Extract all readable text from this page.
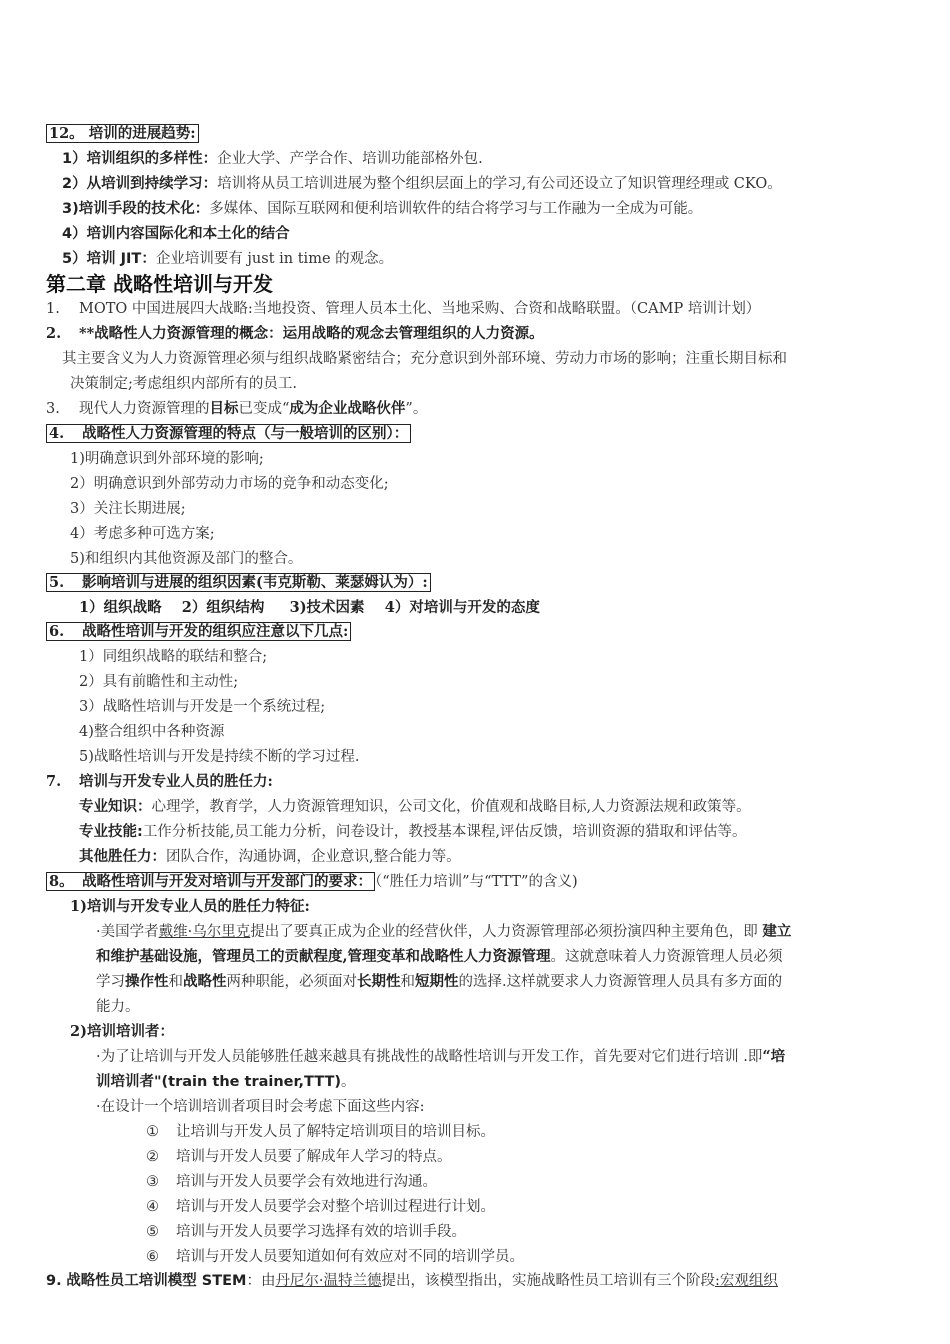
12。 培训的进展趋势:
1）培训组织的多样性：企业大学、产学合作、培训功能部格外包.
2）从培训到持续学习：培训将从员工培训进展为整个组织层面上的学习,有公司还设立了知识管理经理或 CKO。
3)培训手段的技术化：多媒体、国际互联网和便利培训软件的结合将学习与工作融为一全成为可能。
4）培训内容国际化和本土化的结合
5）培训 JIT：企业培训要有 just in time 的观念。
第二章 战略性培训与开发
1. MOTO 中国进展四大战略:当地投资、管理人员本土化、当地采购、合资和战略联盟。（CAMP 培训计划）
2. **战略性人力资源管理的概念：运用战略的观念去管理组织的人力资源。
其主要含义为人力资源管理必须与组织战略紧密结合；充分意识到外部环境、劳动力市场的影响；注重长期目标和
决策制定;考虑组织内部所有的员工.
3. 现代人力资源管理的目标已变成“成为企业战略伙伴”。
4. 战略性人力资源管理的特点（与一般培训的区别）：
1)明确意识到外部环境的影响;
2）明确意识到外部劳动力市场的竞争和动态变化;
3）关注长期进展;
4）考虑多种可选方案;
5)和组织内其他资源及部门的整合。
5. 影响培训与进展的组织因素(韦克斯勒、莱瑟姆认为）:
1）组织战略    2）组织结构     3)技术因素    4）对培训与开发的态度
6. 战略性培训与开发的组织应注意以下几点:
1）同组织战略的联结和整合;
2）具有前瞻性和主动性;
3）战略性培训与开发是一个系统过程;
4)整合组织中各种资源
5)战略性培训与开发是持续不断的学习过程.
7. 培训与开发专业人员的胜任力:
专业知识：心理学，教育学，人力资源管理知识，公司文化，价值观和战略目标,人力资源法规和政策等。
专业技能:工作分析技能,员工能力分析，问卷设计，教授基本课程,评估反馈，培训资源的猎取和评估等。
其他胜任力：团队合作，沟通协调，企业意识,整合能力等。
8。 战略性培训与开发对培训与开发部门的要求： （“胜任力培训”与“TTT”的含义)
1)培训与开发专业人员的胜任力特征:
·美国学者戴维·乌尔里克提出了要真正成为企业的经营伙伴，人力资源管理部必须扮演四种主要角色，即 建立
和维护基础设施，管理员工的贡献程度,管理变革和战略性人力资源管理。这就意味着人力资源管理人员必须
学习操作性和战略性两种职能，必须面对长期性和短期性的选择.这样就要求人力资源管理人员具有多方面的
能力。
2)培训培训者：
·为了让培训与开发人员能够胜任越来越具有挑战性的战略性培训与开发工作，首先要对它们进行培训 .即“培
训培训者"(train the trainer,TTT)。
·在设计一个培训培训者项目时会考虑下面这些内容:
① 让培训与开发人员了解特定培训项目的培训目标。
② 培训与开发人员要了解成年人学习的特点。
③ 培训与开发人员要学会有效地进行沟通。
④ 培训与开发人员要学会对整个培训过程进行计划。
⑤ 培训与开发人员要学习选择有效的培训手段。
⑥ 培训与开发人员要知道如何有效应对不同的培训学员。
9. 战略性员工培训模型 STEM：由丹尼尔·温特兰德提出，该模型指出，实施战略性员工培训有三个阶段:宏观组织
